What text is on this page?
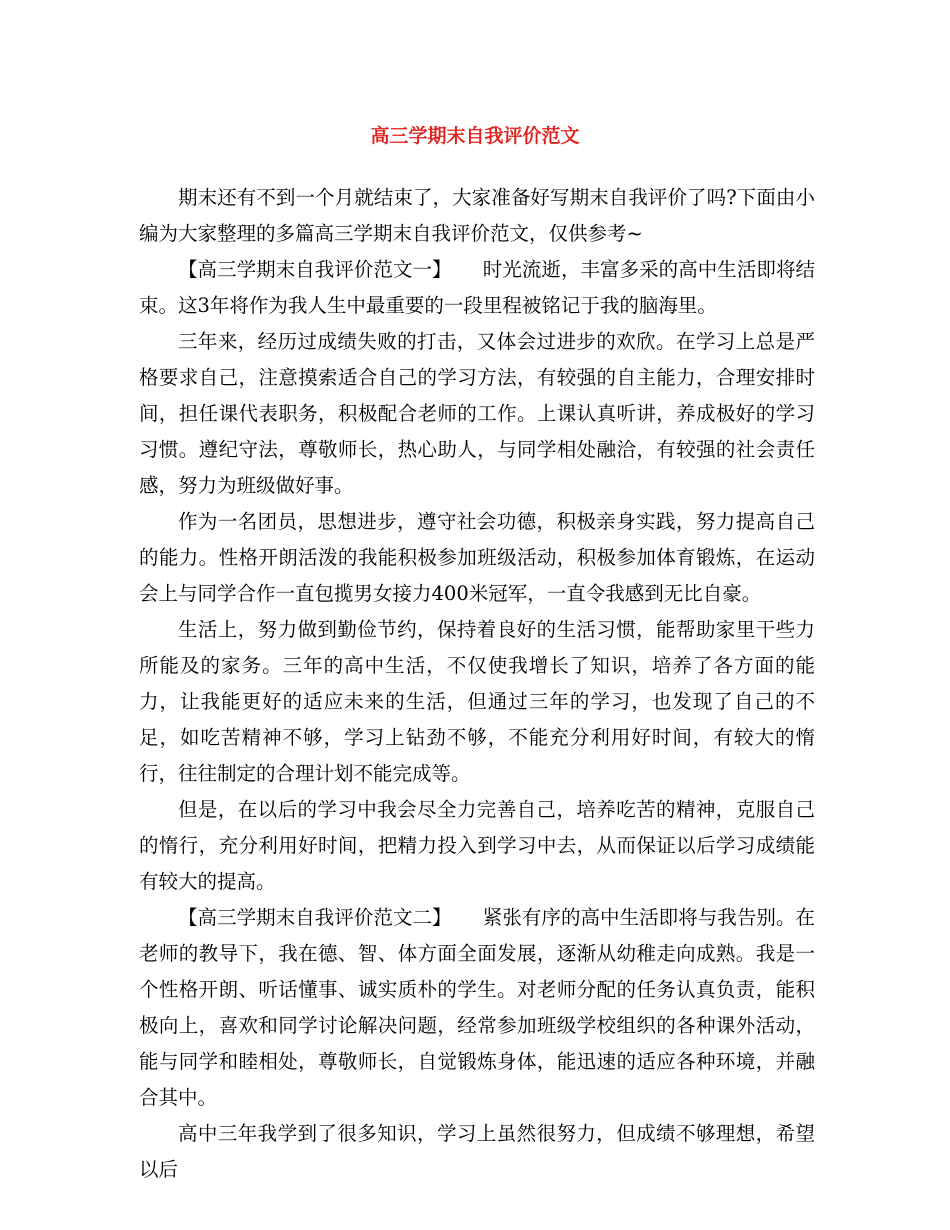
高三学期末自我评价范文

期末还有不到一个月就结束了，大家准备好写期末自我评价了吗?下面由小编为大家整理的多篇高三学期末自我评价范文，仅供参考~

【高三学期末自我评价范文一】 时光流逝，丰富多采的高中生活即将结束。这3年将作为我人生中最重要的一段里程被铭记于我的脑海里。

三年来，经历过成绩失败的打击，又体会过进步的欢欣。在学习上总是严格要求自己，注意摸索适合自己的学习方法，有较强的自主能力，合理安排时间，担任课代表职务，积极配合老师的工作。上课认真听讲，养成极好的学习习惯。遵纪守法，尊敬师长，热心助人，与同学相处融洽，有较强的社会责任感，努力为班级做好事。

作为一名团员，思想进步，遵守社会功德，积极亲身实践，努力提高自己的能力。性格开朗活泼的我能积极参加班级活动，积极参加体育锻炼，在运动会上与同学合作一直包揽男女接力400米冠军，一直令我感到无比自豪。

生活上，努力做到勤俭节约，保持着良好的生活习惯，能帮助家里干些力所能及的家务。三年的高中生活，不仅使我增长了知识，培养了各方面的能力，让我能更好的适应未来的生活，但通过三年的学习，也发现了自己的不足，如吃苦精神不够，学习上钻劲不够，不能充分利用好时间，有较大的惰行，往往制定的合理计划不能完成等。

但是，在以后的学习中我会尽全力完善自己，培养吃苦的精神，克服自己的惰行，充分利用好时间，把精力投入到学习中去，从而保证以后学习成绩能有较大的提高。

【高三学期末自我评价范文二】 紧张有序的高中生活即将与我告别。在老师的教导下，我在德、智、体方面全面发展，逐渐从幼稚走向成熟。我是一个性格开朗、听话懂事、诚实质朴的学生。对老师分配的任务认真负责，能积极向上，喜欢和同学讨论解决问题，经常参加班级学校组织的各种课外活动，能与同学和睦相处，尊敬师长，自觉锻炼身体，能迅速的适应各种环境，并融合其中。

高中三年我学到了很多知识，学习上虽然很努力，但成绩不够理想，希望以后
